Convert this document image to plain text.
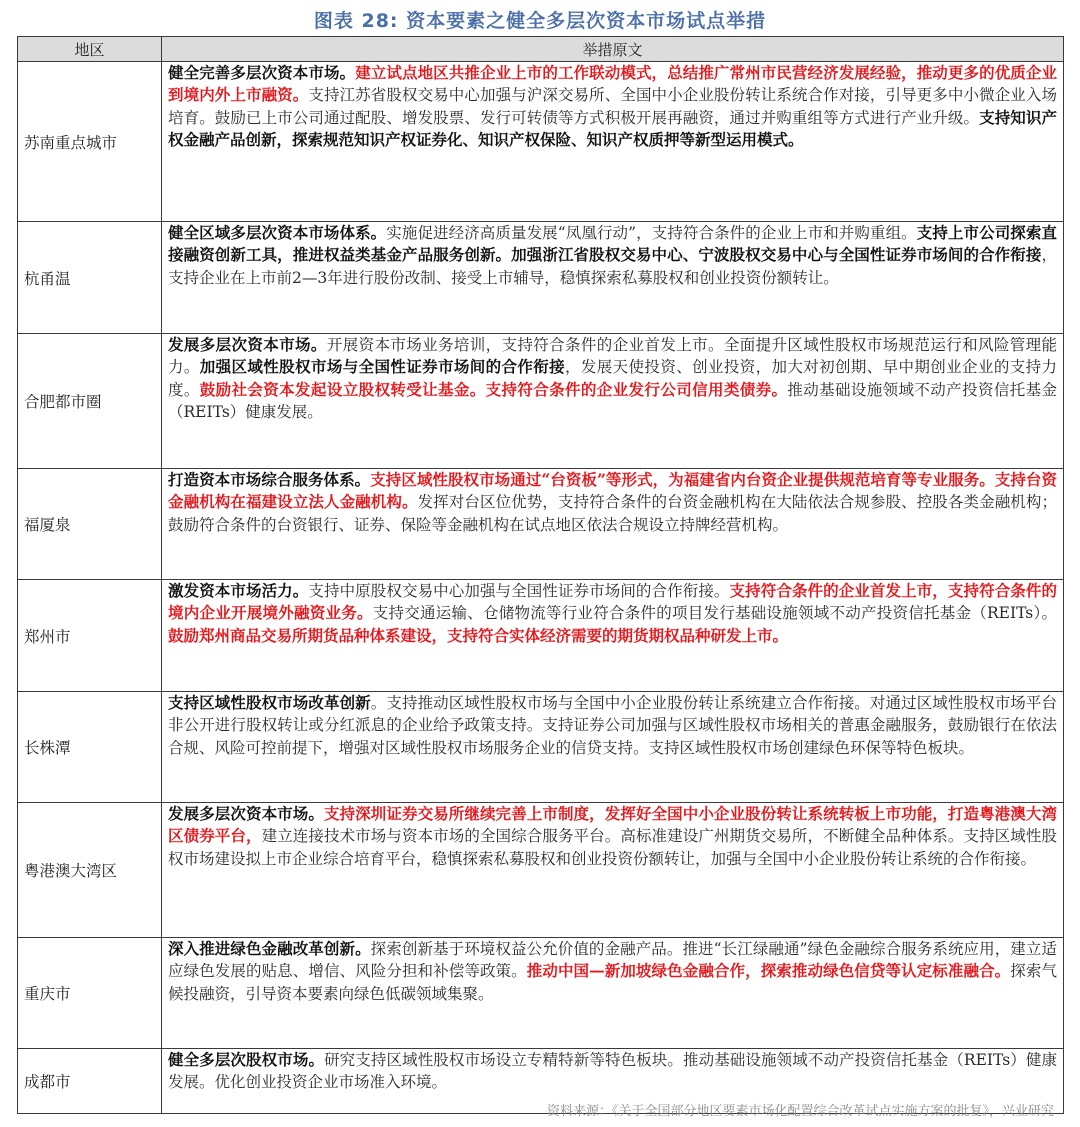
图表 28: 资本要素之健全多层次资本市场试点举措
地区	举措原文
苏南重点城市	健全完善多层次资本市场。建立试点地区共推企业上市的工作联动模式，总结推广常州市民营经济发展经验，推动更多的优质企业到境内外上市融资。支持江苏省股权交易中心加强与沪深交易所、全国中小企业股份转让系统合作对接，引导更多中小微企业入场培育。鼓励已上市公司通过配股、增发股票、发行可转债等方式积极开展再融资，通过并购重组等方式进行产业升级。支持知识产权金融产品创新，探索规范知识产权证券化、知识产权保险、知识产权质押等新型运用模式。
杭甬温	健全区域多层次资本市场体系。实施促进经济高质量发展“凤凰行动”，支持符合条件的企业上市和并购重组。支持上市公司探索直接融资创新工具，推进权益类基金产品服务创新。加强浙江省股权交易中心、宁波股权交易中心与全国性证券市场间的合作衔接，支持企业在上市前2—3年进行股份改制、接受上市辅导，稳慎探索私募股权和创业投资份额转让。
合肥都市圈	发展多层次资本市场。开展资本市场业务培训，支持符合条件的企业首发上市。全面提升区域性股权市场规范运行和风险管理能力。加强区域性股权市场与全国性证券市场间的合作衔接，发展天使投资、创业投资，加大对初创期、早中期创业企业的支持力度。鼓励社会资本发起设立股权转受让基金。支持符合条件的企业发行公司信用类债券。推动基础设施领域不动产投资信托基金（REITs）健康发展。
福厦泉	打造资本市场综合服务体系。支持区域性股权市场通过“台资板”等形式，为福建省内台资企业提供规范培育等专业服务。支持台资金融机构在福建设立法人金融机构。发挥对台区位优势，支持符合条件的台资金融机构在大陆依法合规参股、控股各类金融机构；鼓励符合条件的台资银行、证券、保险等金融机构在试点地区依法合规设立持牌经营机构。
郑州市	激发资本市场活力。支持中原股权交易中心加强与全国性证券市场间的合作衔接。支持符合条件的企业首发上市，支持符合条件的境内企业开展境外融资业务。支持交通运输、仓储物流等行业符合条件的项目发行基础设施领域不动产投资信托基金（REITs）。鼓励郑州商品交易所期货品种体系建设，支持符合实体经济需要的期货期权品种研发上市。
长株潭	支持区域性股权市场改革创新。支持推动区域性股权市场与全国中小企业股份转让系统建立合作衔接。对通过区域性股权市场平台非公开进行股权转让或分红派息的企业给予政策支持。支持证券公司加强与区域性股权市场相关的普惠金融服务，鼓励银行在依法合规、风险可控前提下，增强对区域性股权市场服务企业的信贷支持。支持区域性股权市场创建绿色环保等特色板块。
粤港澳大湾区	发展多层次资本市场。支持深圳证券交易所继续完善上市制度，发挥好全国中小企业股份转让系统转板上市功能，打造粤港澳大湾区债券平台，建立连接技术市场与资本市场的全国综合服务平台。高标准建设广州期货交易所，不断健全品种体系。支持区域性股权市场建设拟上市企业综合培育平台，稳慎探索私募股权和创业投资份额转让，加强与全国中小企业股份转让系统的合作衔接。
重庆市	深入推进绿色金融改革创新。探索创新基于环境权益公允价值的金融产品。推进“长江绿融通”绿色金融综合服务系统应用，建立适应绿色发展的贴息、增信、风险分担和补偿等政策。推动中国—新加坡绿色金融合作，探索推动绿色信贷等认定标准融合。探索气候投融资，引导资本要素向绿色低碳领域集聚。
成都市	健全多层次股权市场。研究支持区域性股权市场设立专精特新等特色板块。推动基础设施领域不动产投资信托基金（REITs）健康发展。优化创业投资企业市场准入环境。
资料来源：《关于全国部分地区要素市场化配置综合改革试点实施方案的批复》，兴业研究
